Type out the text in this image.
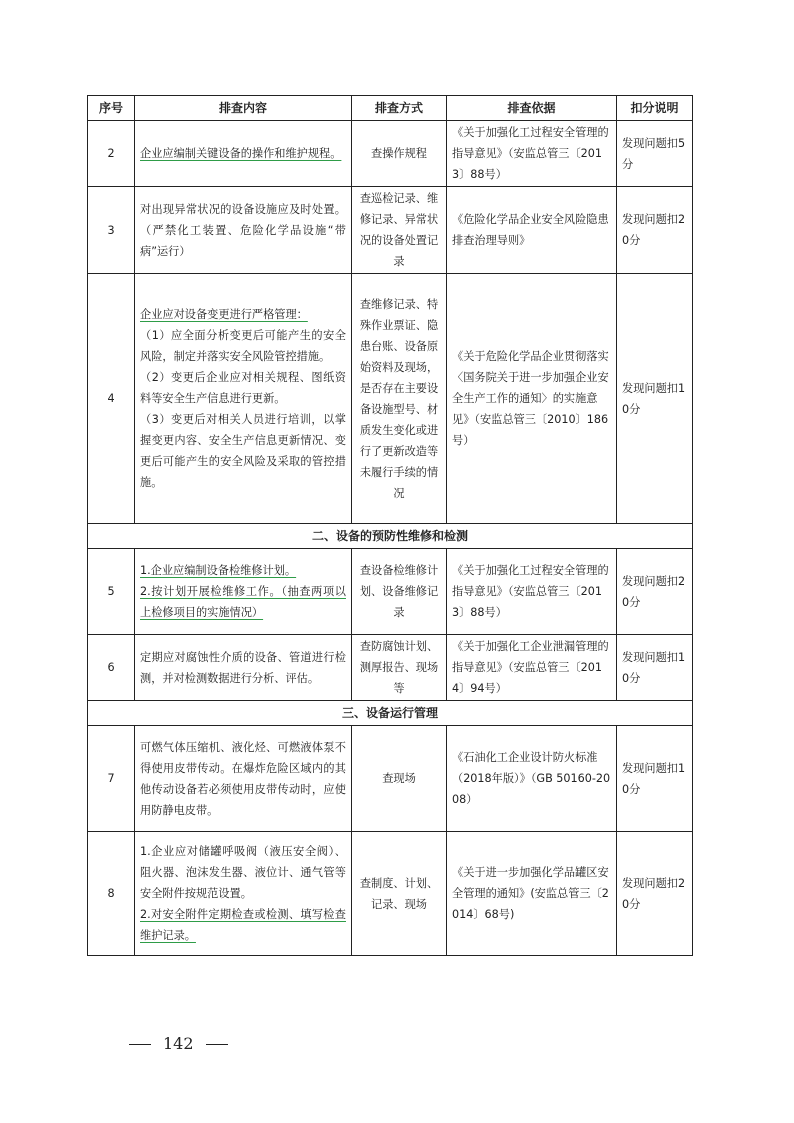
序号	排查内容	排查方式	排查依据	扣分说明
2	企业应编制关键设备的操作和维护规程。	查操作规程	《关于加强化工过程安全管理的指导意见》（安监总管三〔2013〕88号）	发现问题扣5分
3	对出现异常状况的设备设施应及时处置。（严禁化工装置、危险化学品设施“带病”运行）	查巡检记录、维修记录、异常状况的设备处置记录	《危险化学品企业安全风险隐患排查治理导则》	发现问题扣20分
4	企业应对设备变更进行严格管理：
（1）应全面分析变更后可能产生的安全风险，制定并落实安全风险管控措施。
（2）变更后企业应对相关规程、图纸资料等安全生产信息进行更新。
（3）变更后对相关人员进行培训，以掌握变更内容、安全生产信息更新情况、变更后可能产生的安全风险及采取的管控措施。	查维修记录、特殊作业票证、隐患台账、设备原始资料及现场，是否存在主要设备设施型号、材质发生变化或进行了更新改造等未履行手续的情况	《关于危险化学品企业贯彻落实〈国务院关于进一步加强企业安全生产工作的通知〉的实施意见》（安监总管三〔2010〕186号）	发现问题扣10分
二、设备的预防性维修和检测				
5	1.企业应编制设备检维修计划。
2.按计划开展检维修工作。（抽查两项以上检修项目的实施情况）	查设备检维修计划、设备维修记录	《关于加强化工过程安全管理的指导意见》（安监总管三〔2013〕88号）	发现问题扣20分
6	定期应对腐蚀性介质的设备、管道进行检测，并对检测数据进行分析、评估。	查防腐蚀计划、测厚报告、现场等	《关于加强化工企业泄漏管理的指导意见》（安监总管三〔2014〕94号）	发现问题扣10分
三、设备运行管理				
7	可燃气体压缩机、液化烃、可燃液体泵不得使用皮带传动。在爆炸危险区域内的其他传动设备若必须使用皮带传动时，应使用防静电皮带。	查现场	《石油化工企业设计防火标准（2018年版）》（GB 50160-2008）	发现问题扣10分
8	1.企业应对储罐呼吸阀（液压安全阀）、阻火器、泡沫发生器、液位计、通气管等安全附件按规范设置。
2.对安全附件定期检查或检测、填写检查维护记录。	查制度、计划、记录、现场	《关于进一步加强化学品罐区安全管理的通知》(安监总管三〔2014〕68号)	发现问题扣20分
142
